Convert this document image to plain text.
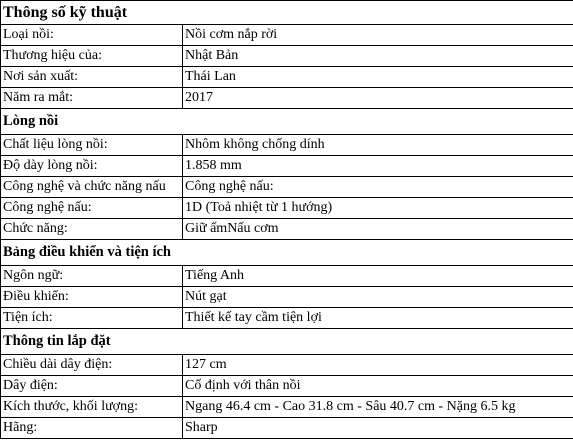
Thông số kỹ thuật	
Loại nồi:	Nồi cơm nắp rời
Thương hiệu của:	Nhật Bản
Nơi sản xuất:	Thái Lan
Năm ra mắt:	2017
Lòng nồi	
Chất liệu lòng nồi:	Nhôm không chống dính
Độ dày lòng nồi:	1.858 mm
Công nghệ và chức năng nấu	Công nghệ nấu:
Công nghệ nấu:	1D (Toả nhiệt từ 1 hướng)
Chức năng:	Giữ ấmNấu cơm
Bảng điều khiển và tiện ích	
Ngôn ngữ:	Tiếng Anh
Điều khiển:	Nút gạt
Tiện ích:	Thiết kế tay cầm tiện lợi
Thông tin lắp đặt	
Chiều dài dây điện:	127 cm
Dây điện:	Cố định với thân nồi
Kích thước, khối lượng:	Ngang 46.4 cm - Cao 31.8 cm - Sâu 40.7 cm - Nặng 6.5 kg
Hãng:	Sharp
